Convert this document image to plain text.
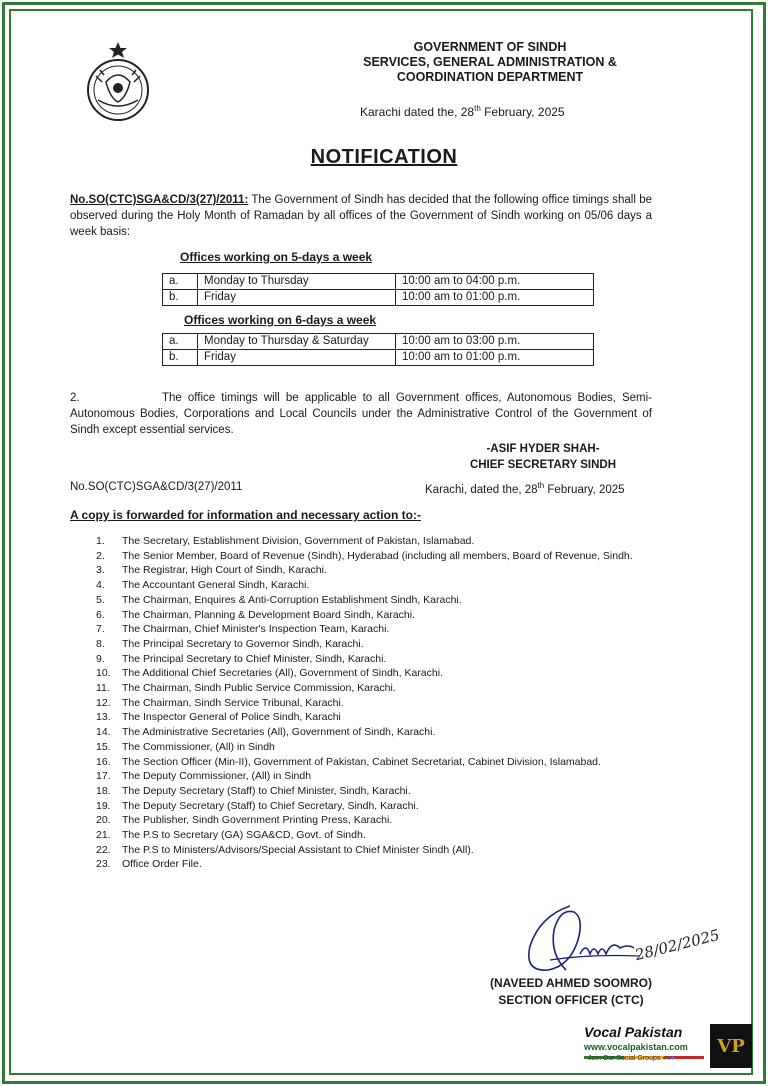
GOVERNMENT OF SINDH
SERVICES, GENERAL ADMINISTRATION &
COORDINATION DEPARTMENT
Karachi dated the, 28th February, 2025
NOTIFICATION
No.SO(CTC)SGA&CD/3(27)/2011: The Government of Sindh has decided that the following office timings shall be observed during the Holy Month of Ramadan by all offices of the Government of Sindh working on 05/06 days a week basis:
Offices working on 5-days a week
a.	Monday to Thursday	10:00 am to 04:00 p.m.
b.	Friday	10:00 am to 01:00 p.m.
Offices working on 6-days a week
a.	Monday to Thursday & Saturday	10:00 am to 03:00 p.m.
b.	Friday	10:00 am to 01:00 p.m.
2.	The office timings will be applicable to all Government offices, Autonomous Bodies, Semi-Autonomous Bodies, Corporations and Local Councils under the Administrative Control of the Government of Sindh except essential services.
-ASIF HYDER SHAH-
CHIEF SECRETARY SINDH
No.SO(CTC)SGA&CD/3(27)/2011	Karachi, dated the, 28th February, 2025
A copy is forwarded for information and necessary action to:-
1.	The Secretary, Establishment Division, Government of Pakistan, Islamabad.
2.	The Senior Member, Board of Revenue (Sindh), Hyderabad (including all members, Board of Revenue, Sindh.
3.	The Registrar, High Court of Sindh, Karachi.
4.	The Accountant General Sindh, Karachi.
5.	The Chairman, Enquires & Anti-Corruption Establishment Sindh, Karachi.
6.	The Chairman, Planning & Development Board Sindh, Karachi.
7.	The Chairman, Chief Minister's Inspection Team, Karachi.
8.	The Principal Secretary to Governor Sindh, Karachi.
9.	The Principal Secretary to Chief Minister, Sindh, Karachi.
10.	The Additional Chief Secretaries (All), Government of Sindh, Karachi.
11.	The Chairman, Sindh Public Service Commission, Karachi.
12.	The Chairman, Sindh Service Tribunal, Karachi.
13.	The Inspector General of Police Sindh, Karachi
14.	The Administrative Secretaries (All), Government of Sindh, Karachi.
15.	The Commissioner, (All) in Sindh
16.	The Section Officer (Min-II), Government of Pakistan, Cabinet Secretariat, Cabinet Division, Islamabad.
17.	The Deputy Commissioner, (All) in Sindh
18.	The Deputy Secretary (Staff) to Chief Minister, Sindh, Karachi.
19.	The Deputy Secretary (Staff) to Chief Secretary, Sindh, Karachi.
20.	The Publisher, Sindh Government Printing Press, Karachi.
21.	The P.S to Secretary (GA) SGA&CD, Govt. of Sindh.
22.	The P.S to Ministers/Advisors/Special Assistant to Chief Minister Sindh (All).
23.	Office Order File.
28/02/2025
(NAVEED AHMED SOOMRO)
SECTION OFFICER (CTC)
Vocal Pakistan
www.vocalpakistan.com
Join Our Social Groups ●●●
VP
